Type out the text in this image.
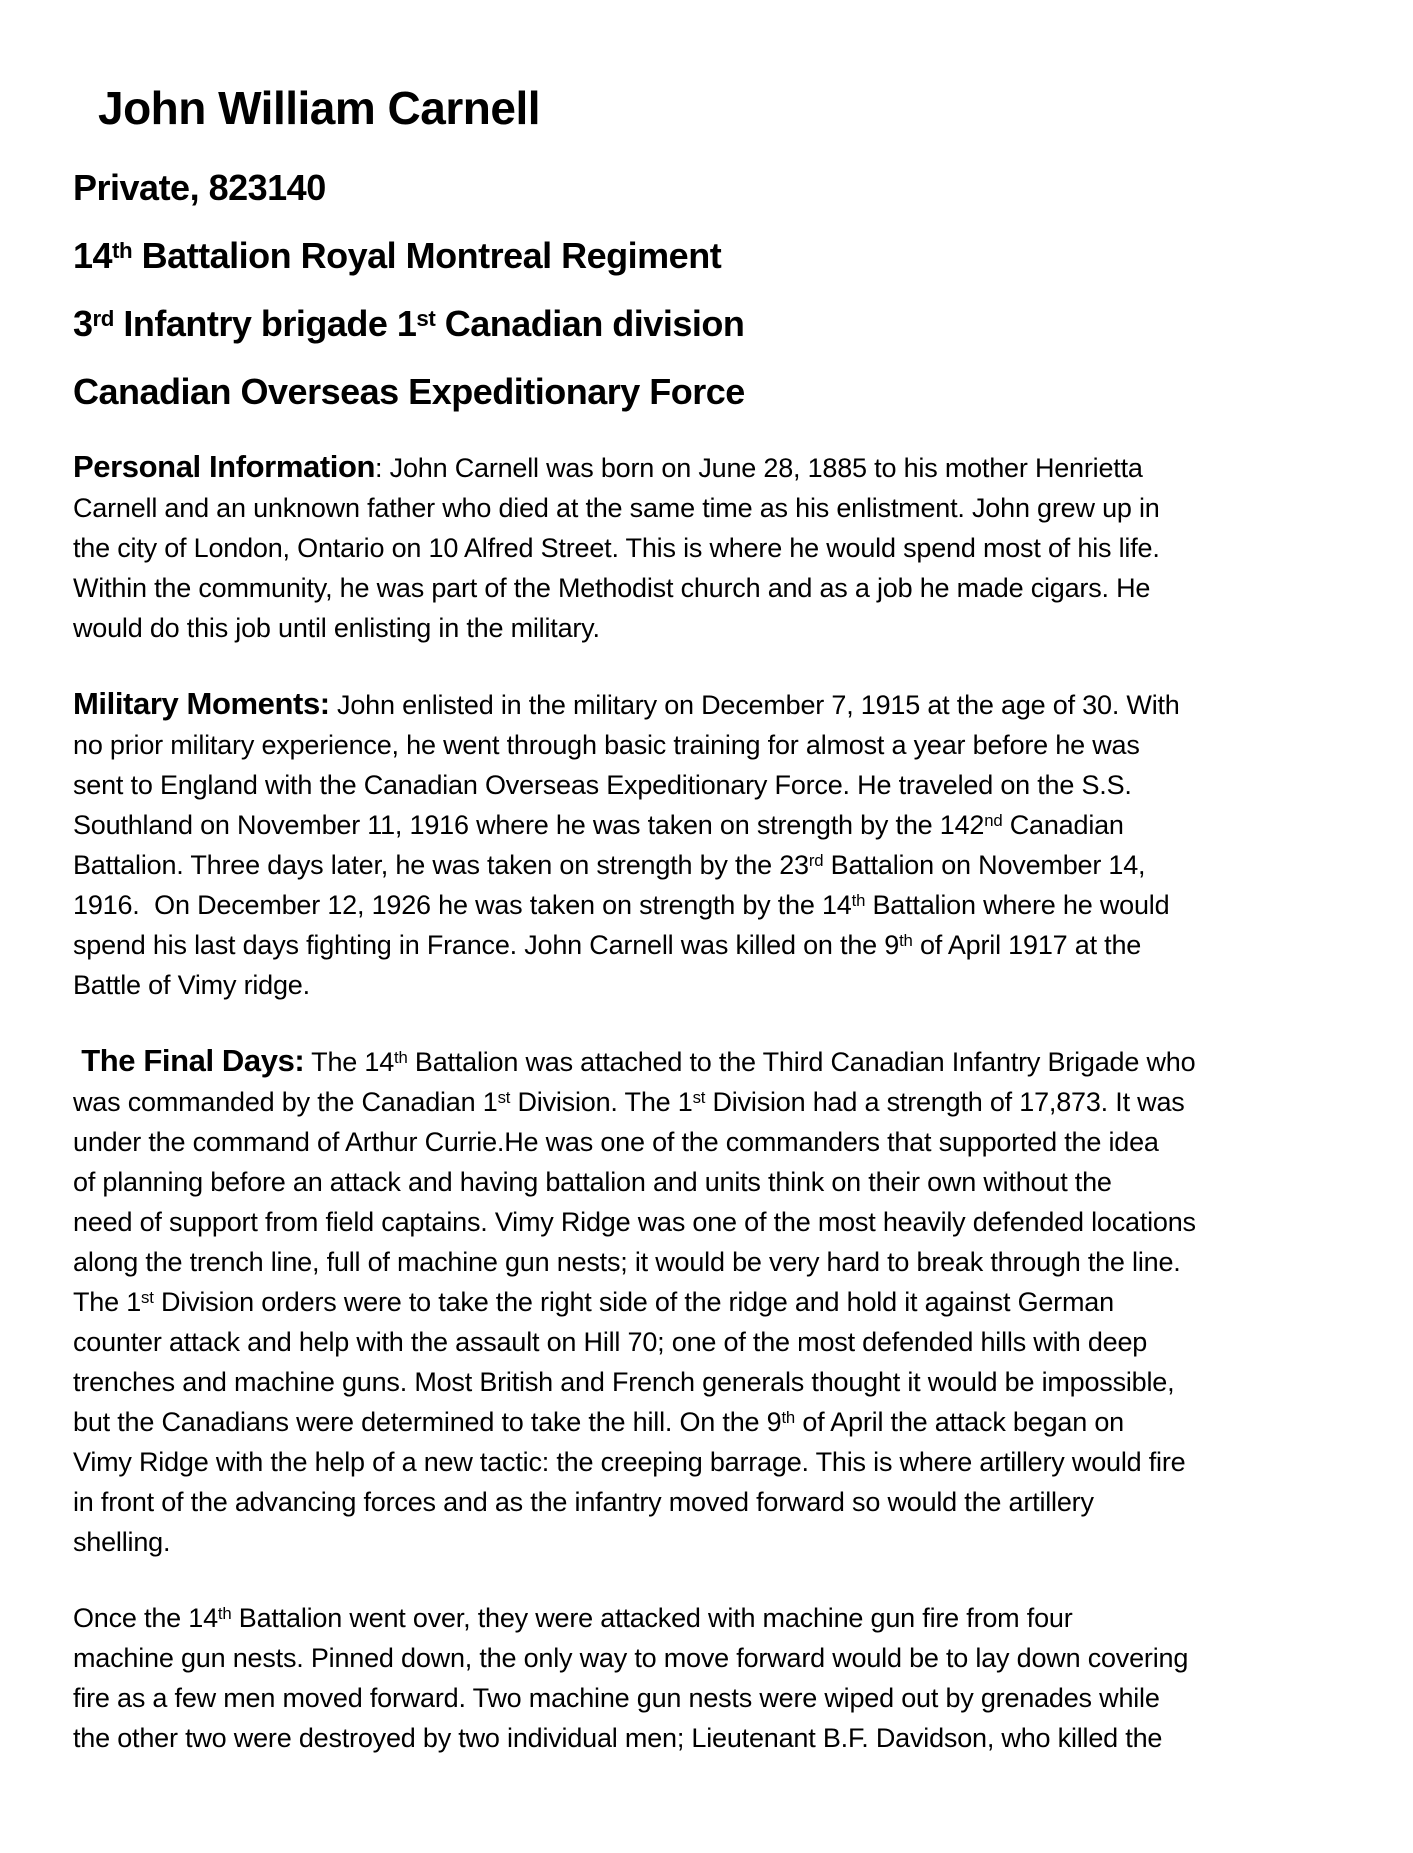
John William Carnell

Private, 823140

14th Battalion Royal Montreal Regiment

3rd Infantry brigade 1st Canadian division

Canadian Overseas Expeditionary Force

Personal Information: John Carnell was born on June 28, 1885 to his mother Henrietta
Carnell and an unknown father who died at the same time as his enlistment. John grew up in
the city of London, Ontario on 10 Alfred Street. This is where he would spend most of his life.
Within the community, he was part of the Methodist church and as a job he made cigars. He
would do this job until enlisting in the military.

Military Moments: John enlisted in the military on December 7, 1915 at the age of 30. With
no prior military experience, he went through basic training for almost a year before he was
sent to England with the Canadian Overseas Expeditionary Force. He traveled on the S.S.
Southland on November 11, 1916 where he was taken on strength by the 142nd Canadian
Battalion. Three days later, he was taken on strength by the 23rd Battalion on November 14,
1916.  On December 12, 1926 he was taken on strength by the 14th Battalion where he would
spend his last days fighting in France. John Carnell was killed on the 9th of April 1917 at the
Battle of Vimy ridge.

The Final Days: The 14th Battalion was attached to the Third Canadian Infantry Brigade who
was commanded by the Canadian 1st Division. The 1st Division had a strength of 17,873. It was
under the command of Arthur Currie.He was one of the commanders that supported the idea
of planning before an attack and having battalion and units think on their own without the
need of support from field captains. Vimy Ridge was one of the most heavily defended locations
along the trench line, full of machine gun nests; it would be very hard to break through the line.
The 1st Division orders were to take the right side of the ridge and hold it against German
counter attack and help with the assault on Hill 70; one of the most defended hills with deep
trenches and machine guns. Most British and French generals thought it would be impossible,
but the Canadians were determined to take the hill. On the 9th of April the attack began on
Vimy Ridge with the help of a new tactic: the creeping barrage. This is where artillery would fire
in front of the advancing forces and as the infantry moved forward so would the artillery
shelling.

Once the 14th Battalion went over, they were attacked with machine gun fire from four
machine gun nests. Pinned down, the only way to move forward would be to lay down covering
fire as a few men moved forward. Two machine gun nests were wiped out by grenades while
the other two were destroyed by two individual men; Lieutenant B.F. Davidson, who killed the
